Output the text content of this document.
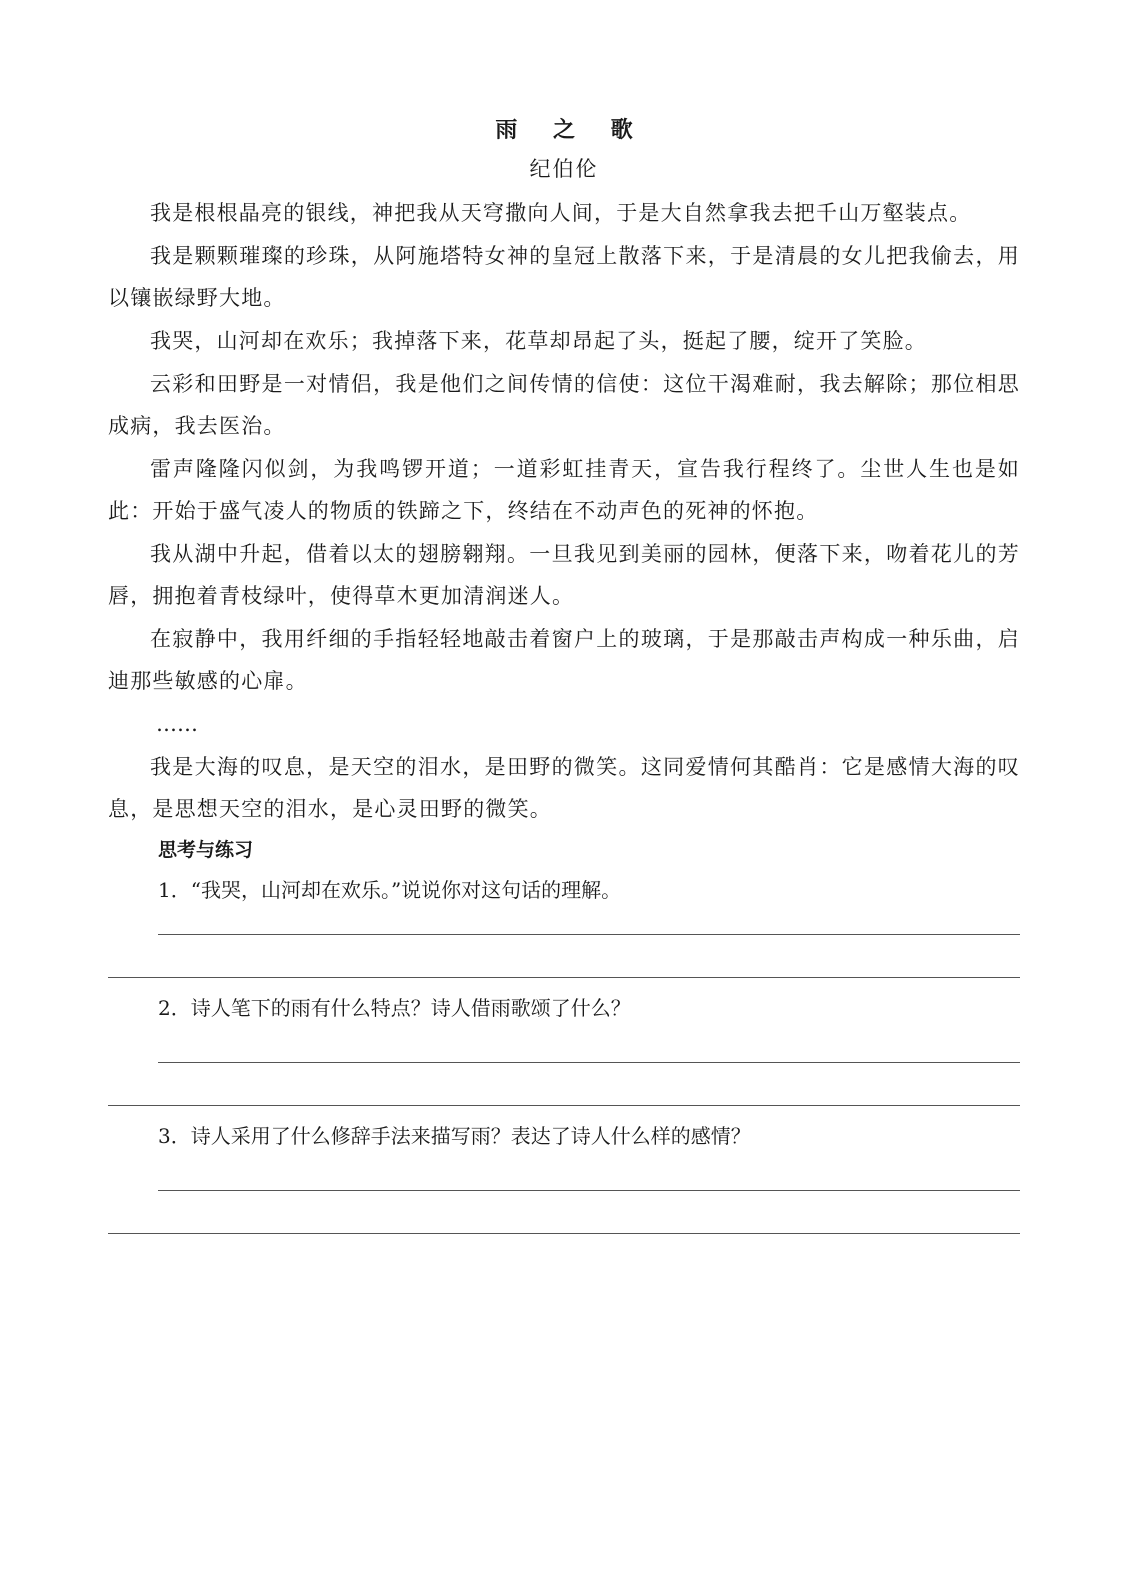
雨 之 歌
纪伯伦

我是根根晶亮的银线，神把我从天穹撒向人间，于是大自然拿我去把千山万壑装点。

我是颗颗璀璨的珍珠，从阿施塔特女神的皇冠上散落下来，于是清晨的女儿把我偷去，用以镶嵌绿野大地。

我哭，山河却在欢乐；我掉落下来，花草却昂起了头，挺起了腰，绽开了笑脸。

云彩和田野是一对情侣，我是他们之间传情的信使：这位干渴难耐，我去解除；那位相思成病，我去医治。

雷声隆隆闪似剑，为我鸣锣开道；一道彩虹挂青天，宣告我行程终了。尘世人生也是如此：开始于盛气凌人的物质的铁蹄之下，终结在不动声色的死神的怀抱。

我从湖中升起，借着以太的翅膀翱翔。一旦我见到美丽的园林，便落下来，吻着花儿的芳唇，拥抱着青枝绿叶，使得草木更加清润迷人。

在寂静中，我用纤细的手指轻轻地敲击着窗户上的玻璃，于是那敲击声构成一种乐曲，启迪那些敏感的心扉。

……

我是大海的叹息，是天空的泪水，是田野的微笑。这同爱情何其酷肖：它是感情大海的叹息，是思想天空的泪水，是心灵田野的微笑。

思考与练习
1．“我哭，山河却在欢乐。”说说你对这句话的理解。
2．诗人笔下的雨有什么特点？诗人借雨歌颂了什么？
3．诗人采用了什么修辞手法来描写雨？表达了诗人什么样的感情？
